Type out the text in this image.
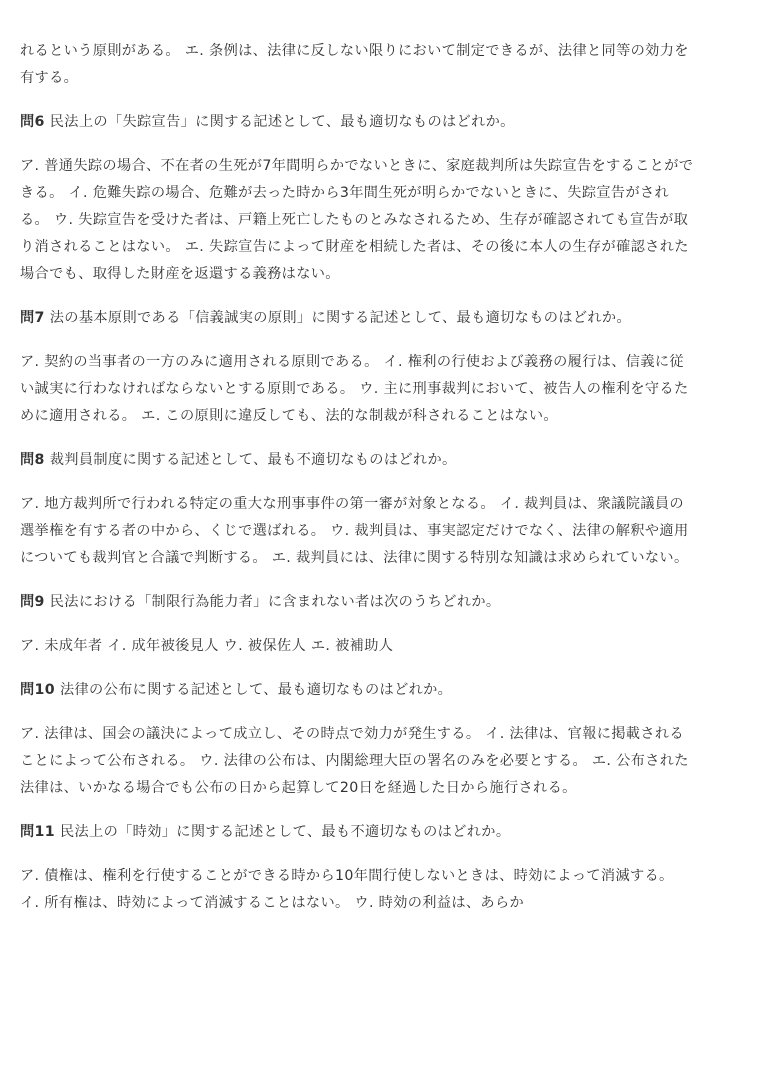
れるという原則がある。 エ. 条例は、法律に反しない限りにおいて制定できるが、法律と同等の効力を有する。

問6 民法上の「失踪宣告」に関する記述として、最も適切なものはどれか。

ア. 普通失踪の場合、不在者の生死が7年間明らかでないときに、家庭裁判所は失踪宣告をすることができる。 イ. 危難失踪の場合、危難が去った時から3年間生死が明らかでないときに、失踪宣告がされる。 ウ. 失踪宣告を受けた者は、戸籍上死亡したものとみなされるため、生存が確認されても宣告が取り消されることはない。 エ. 失踪宣告によって財産を相続した者は、その後に本人の生存が確認された場合でも、取得した財産を返還する義務はない。

問7 法の基本原則である「信義誠実の原則」に関する記述として、最も適切なものはどれか。

ア. 契約の当事者の一方のみに適用される原則である。 イ. 権利の行使および義務の履行は、信義に従い誠実に行わなければならないとする原則である。 ウ. 主に刑事裁判において、被告人の権利を守るために適用される。 エ. この原則に違反しても、法的な制裁が科されることはない。

問8 裁判員制度に関する記述として、最も不適切なものはどれか。

ア. 地方裁判所で行われる特定の重大な刑事事件の第一審が対象となる。 イ. 裁判員は、衆議院議員の選挙権を有する者の中から、くじで選ばれる。 ウ. 裁判員は、事実認定だけでなく、法律の解釈や適用についても裁判官と合議で判断する。 エ. 裁判員には、法律に関する特別な知識は求められていない。

問9 民法における「制限行為能力者」に含まれない者は次のうちどれか。

ア. 未成年者 イ. 成年被後見人 ウ. 被保佐人 エ. 被補助人

問10 法律の公布に関する記述として、最も適切なものはどれか。

ア. 法律は、国会の議決によって成立し、その時点で効力が発生する。 イ. 法律は、官報に掲載されることによって公布される。 ウ. 法律の公布は、内閣総理大臣の署名のみを必要とする。 エ. 公布された法律は、いかなる場合でも公布の日から起算して20日を経過した日から施行される。

問11 民法上の「時効」に関する記述として、最も不適切なものはどれか。

ア. 債権は、権利を行使することができる時から10年間行使しないときは、時効によって消滅する。 イ. 所有権は、時効によって消滅することはない。 ウ. 時効の利益は、あらか
